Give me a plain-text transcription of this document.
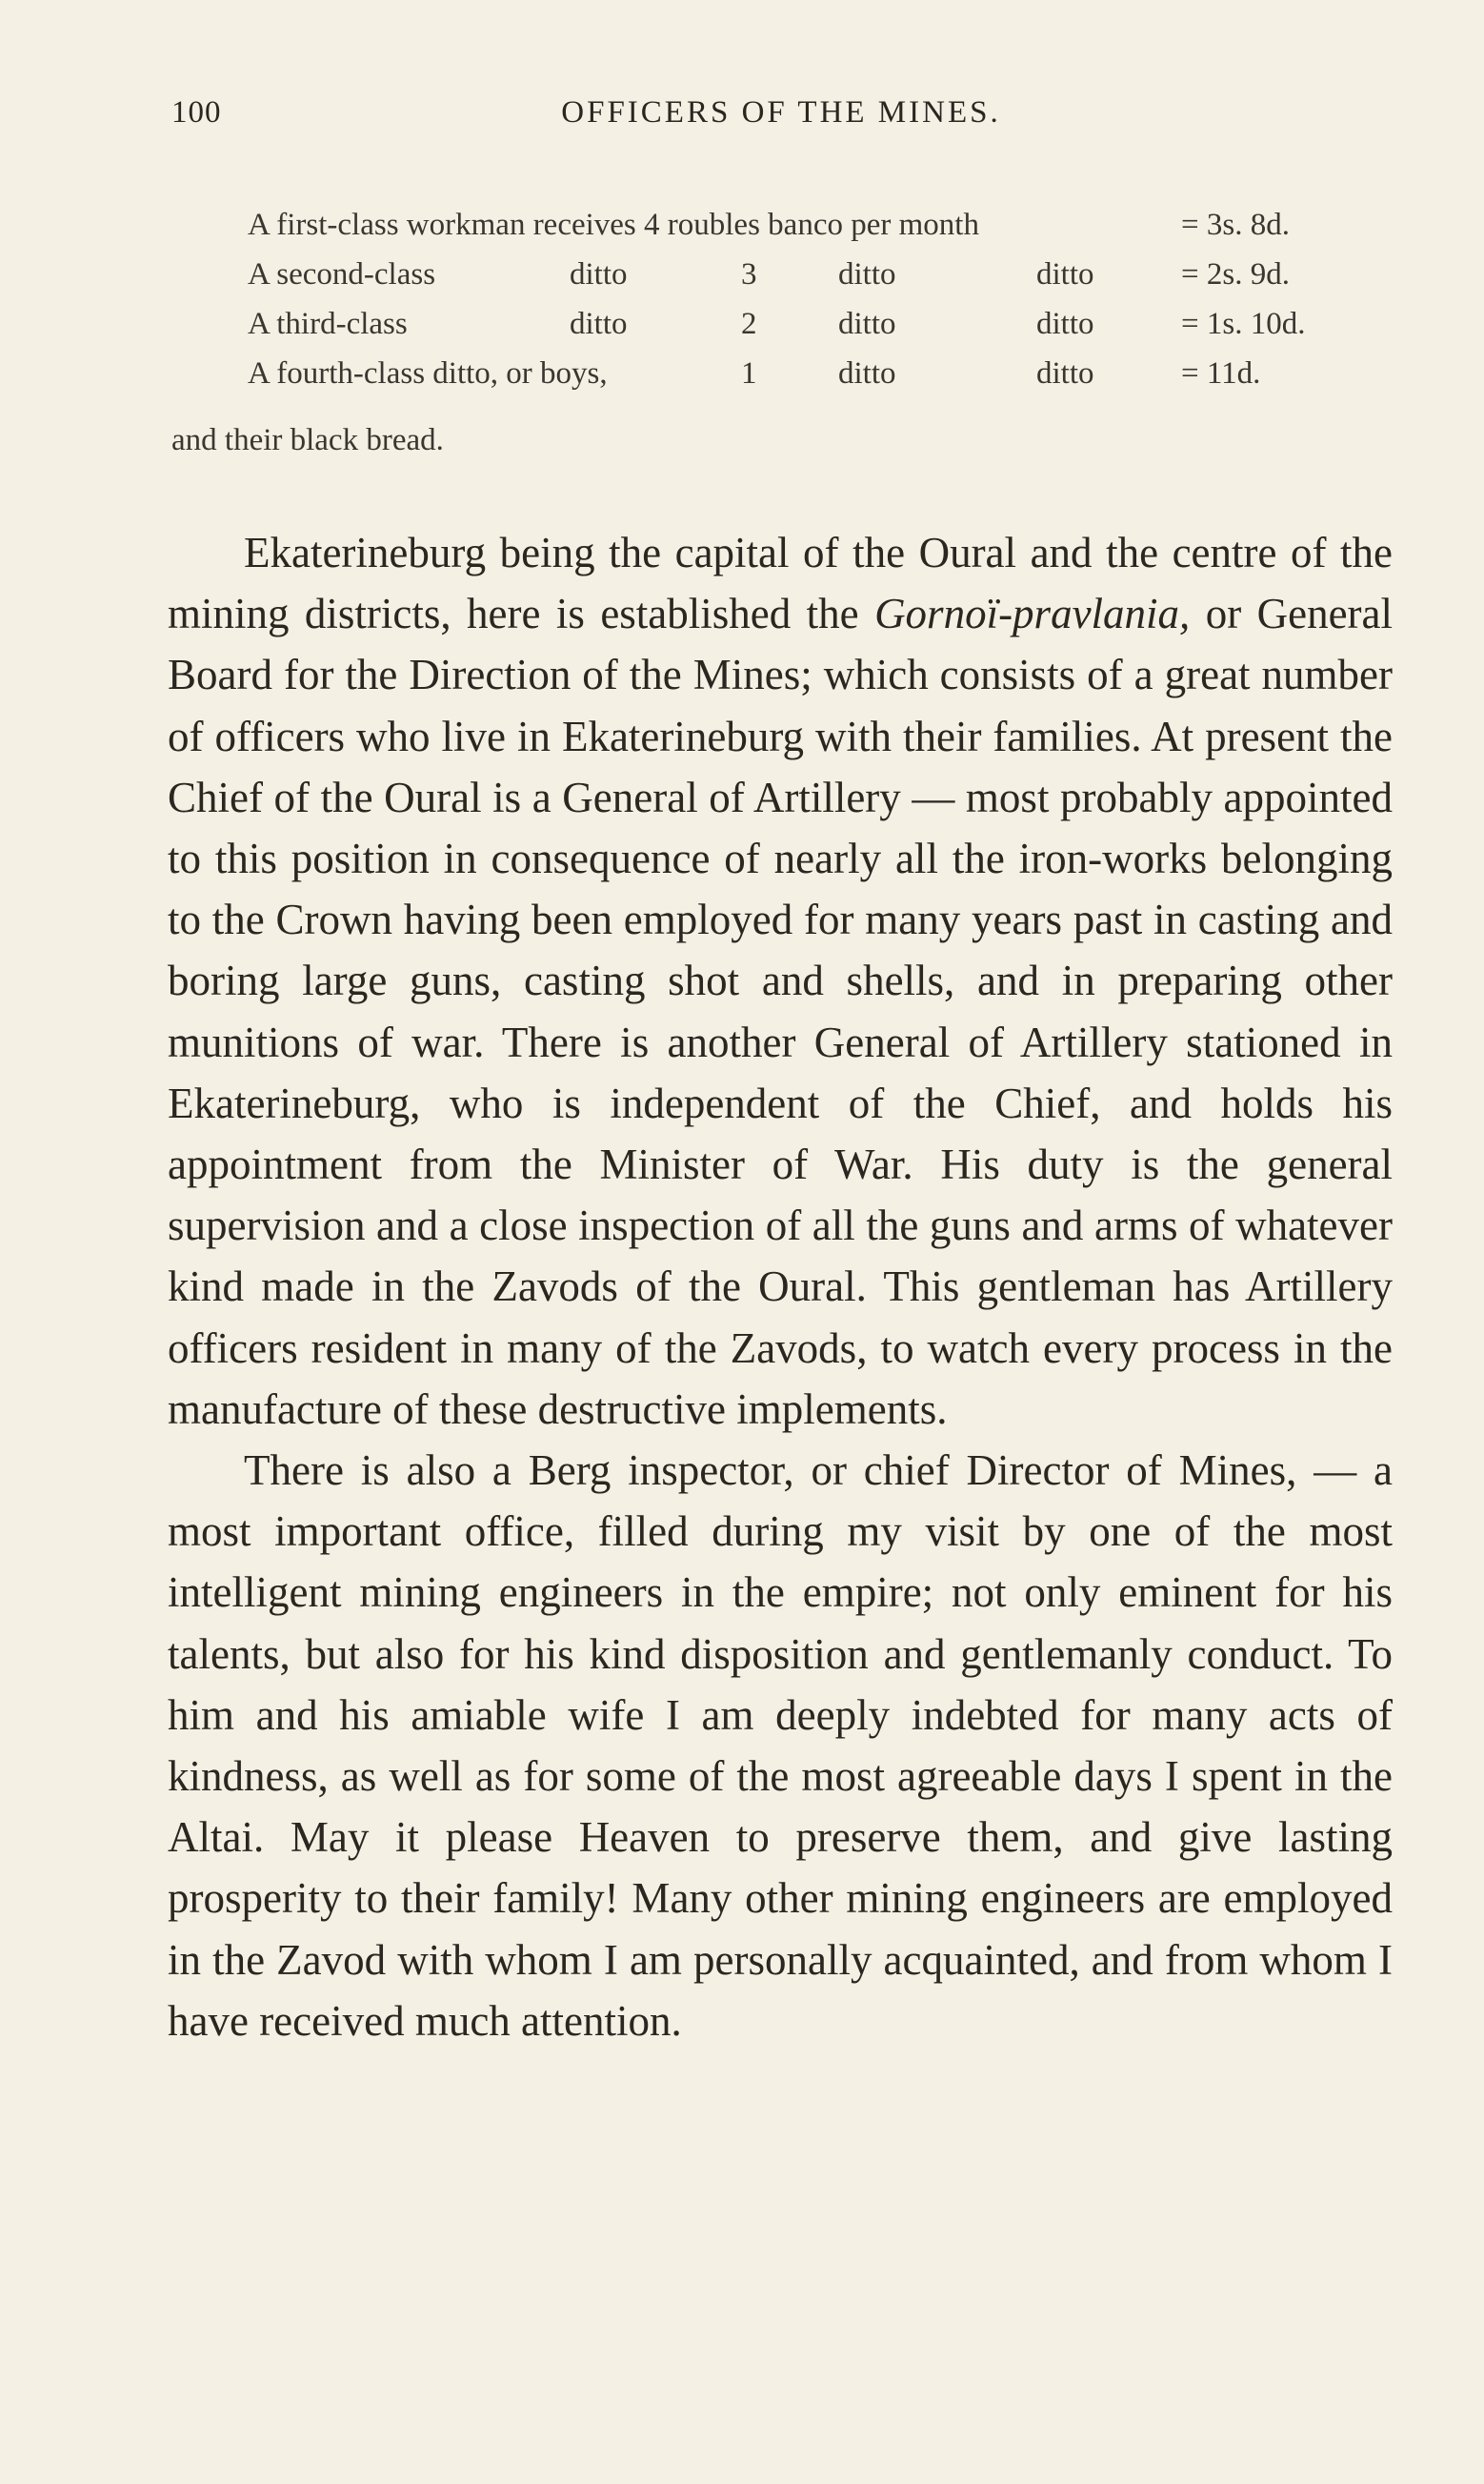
100	OFFICERS OF THE MINES.
A first-class workman receives 4 roubles banco per month	= 3s. 8d.
A second-class	ditto	3	ditto	ditto	= 2s. 9d.
A third-class	ditto	2	ditto	ditto	= 1s. 10d.
A fourth-class ditto, or boys,	1	ditto	ditto	= 11d.
and their black bread.

Ekaterineburg being the capital of the Oural and the centre of the mining districts, here is established the Gornoï-pravlania, or General Board for the Direction of the Mines; which consists of a great number of officers who live in Ekaterineburg with their families. At present the Chief of the Oural is a General of Artillery — most probably appointed to this position in consequence of nearly all the iron-works belonging to the Crown having been employed for many years past in casting and boring large guns, casting shot and shells, and in preparing other munitions of war. There is another General of Artillery stationed in Ekaterineburg, who is independent of the Chief, and holds his appointment from the Minister of War. His duty is the general supervision and a close inspection of all the guns and arms of whatever kind made in the Zavods of the Oural. This gentleman has Artillery officers resident in many of the Zavods, to watch every process in the manufacture of these destructive implements.

There is also a Berg inspector, or chief Director of Mines, — a most important office, filled during my visit by one of the most intelligent mining engineers in the empire; not only eminent for his talents, but also for his kind disposition and gentlemanly conduct. To him and his amiable wife I am deeply indebted for many acts of kindness, as well as for some of the most agreeable days I spent in the Altai. May it please Heaven to preserve them, and give lasting prosperity to their family! Many other mining engineers are employed in the Zavod with whom I am personally acquainted, and from whom I have received much attention.
